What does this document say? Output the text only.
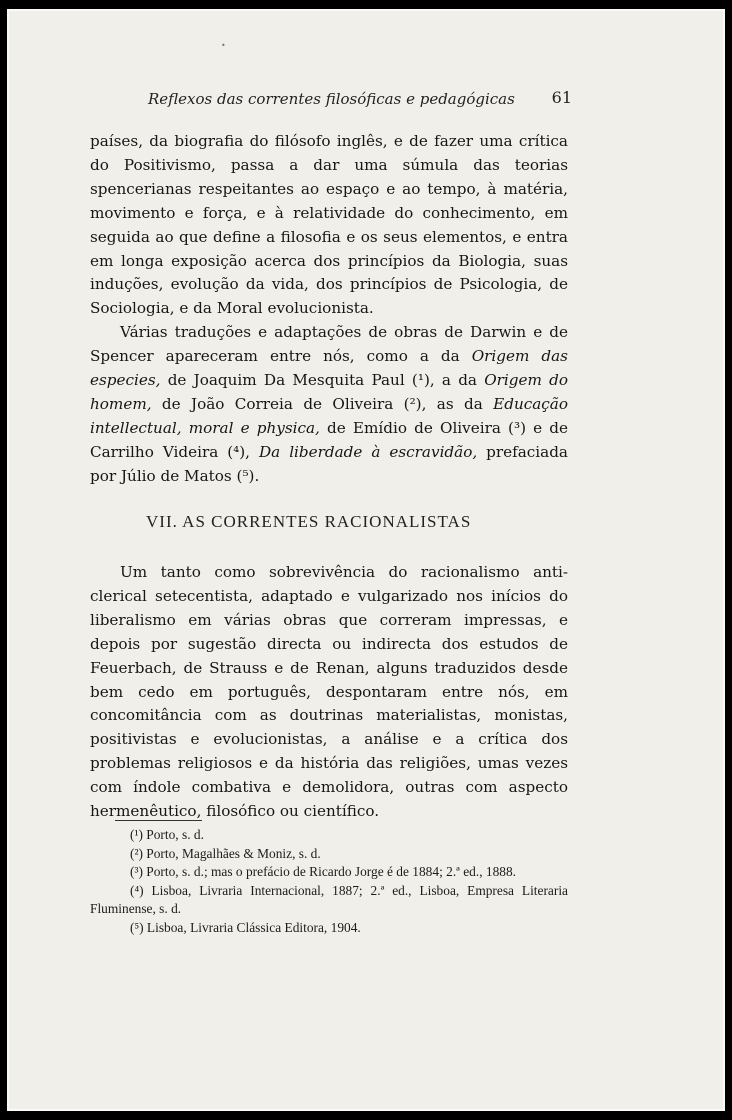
•
Reflexos das correntes filosóficas e pedagógicas 61

países, da biografia do filósofo inglês, e de fazer uma crítica do Positivismo, passa a dar uma súmula das teorias spencerianas respeitantes ao espaço e ao tempo, à matéria, movimento e força, e à relatividade do conhecimento, em seguida ao que define a filosofia e os seus elementos, e entra em longa exposição acerca dos princípios da Biologia, suas induções, evolução da vida, dos princípios de Psicologia, de Sociologia, e da Moral evolucionista.

Várias traduções e adaptações de obras de Darwin e de Spencer apareceram entre nós, como a da Origem das especies, de Joaquim Da Mesquita Paul (¹), a da Origem do homem, de João Correia de Oliveira (²), as da Educação intellectual, moral e physica, de Emídio de Oliveira (³) e de Carrilho Videira (⁴), Da liberdade à escravidão, prefaciada por Júlio de Matos (⁵).

VII. AS CORRENTES RACIONALISTAS

Um tanto como sobrevivência do racionalismo anti-clerical setecentista, adaptado e vulgarizado nos inícios do liberalismo em várias obras que correram impressas, e depois por sugestão directa ou indirecta dos estudos de Feuerbach, de Strauss e de Renan, alguns traduzidos desde bem cedo em português, despontaram entre nós, em concomitância com as doutrinas materialistas, monistas, positivistas e evolucionistas, a análise e a crítica dos problemas religiosos e da história das religiões, umas vezes com índole combativa e demolidora, outras com aspecto hermenêutico, filosófico ou científico.

(¹) Porto, s. d.

(²) Porto, Magalhães & Moniz, s. d.

(³) Porto, s. d.; mas o prefácio de Ricardo Jorge é de 1884; 2.ª ed., 1888.

(⁴) Lisboa, Livraria Internacional, 1887; 2.ª ed., Lisboa, Empresa Literaria Fluminense, s. d.

(⁵) Lisboa, Livraria Clássica Editora, 1904.
